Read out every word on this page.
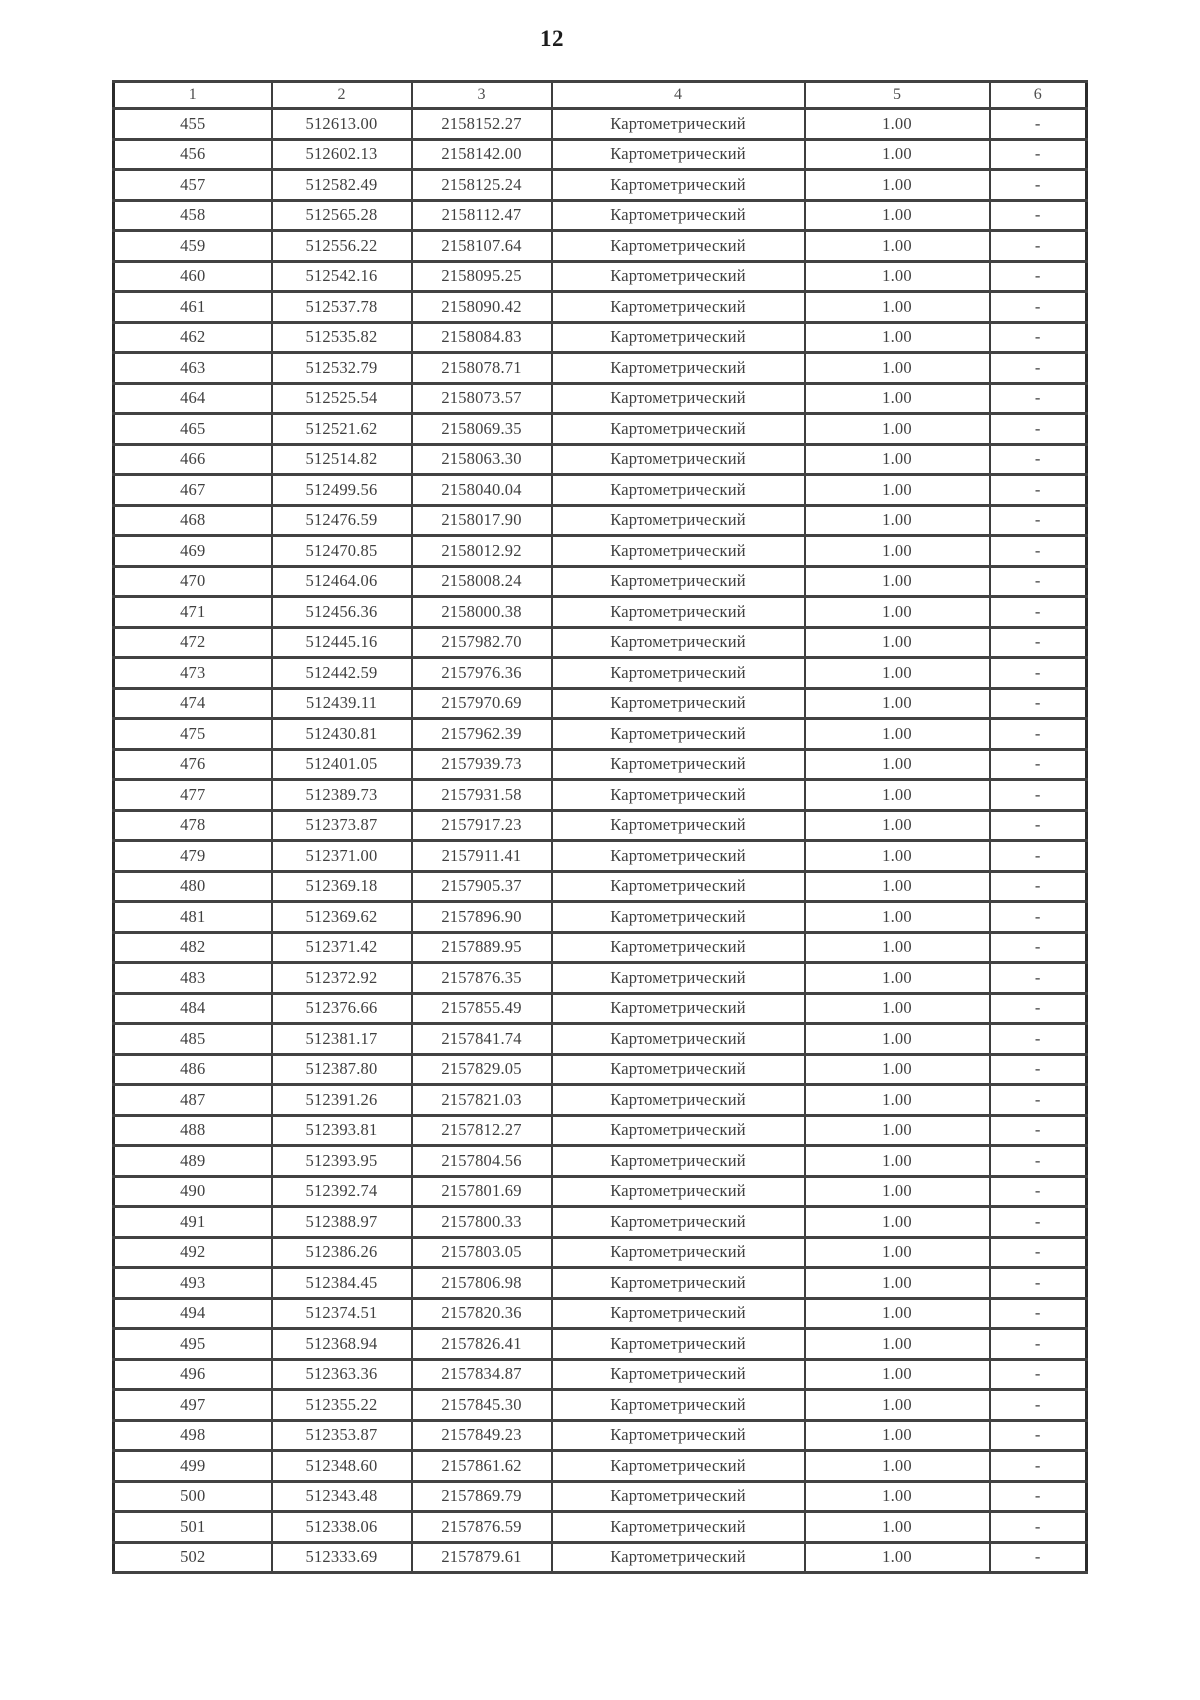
12
1	2	3	4	5	6
455	512613.00	2158152.27	Картометрический	1.00	-
456	512602.13	2158142.00	Картометрический	1.00	-
457	512582.49	2158125.24	Картометрический	1.00	-
458	512565.28	2158112.47	Картометрический	1.00	-
459	512556.22	2158107.64	Картометрический	1.00	-
460	512542.16	2158095.25	Картометрический	1.00	-
461	512537.78	2158090.42	Картометрический	1.00	-
462	512535.82	2158084.83	Картометрический	1.00	-
463	512532.79	2158078.71	Картометрический	1.00	-
464	512525.54	2158073.57	Картометрический	1.00	-
465	512521.62	2158069.35	Картометрический	1.00	-
466	512514.82	2158063.30	Картометрический	1.00	-
467	512499.56	2158040.04	Картометрический	1.00	-
468	512476.59	2158017.90	Картометрический	1.00	-
469	512470.85	2158012.92	Картометрический	1.00	-
470	512464.06	2158008.24	Картометрический	1.00	-
471	512456.36	2158000.38	Картометрический	1.00	-
472	512445.16	2157982.70	Картометрический	1.00	-
473	512442.59	2157976.36	Картометрический	1.00	-
474	512439.11	2157970.69	Картометрический	1.00	-
475	512430.81	2157962.39	Картометрический	1.00	-
476	512401.05	2157939.73	Картометрический	1.00	-
477	512389.73	2157931.58	Картометрический	1.00	-
478	512373.87	2157917.23	Картометрический	1.00	-
479	512371.00	2157911.41	Картометрический	1.00	-
480	512369.18	2157905.37	Картометрический	1.00	-
481	512369.62	2157896.90	Картометрический	1.00	-
482	512371.42	2157889.95	Картометрический	1.00	-
483	512372.92	2157876.35	Картометрический	1.00	-
484	512376.66	2157855.49	Картометрический	1.00	-
485	512381.17	2157841.74	Картометрический	1.00	-
486	512387.80	2157829.05	Картометрический	1.00	-
487	512391.26	2157821.03	Картометрический	1.00	-
488	512393.81	2157812.27	Картометрический	1.00	-
489	512393.95	2157804.56	Картометрический	1.00	-
490	512392.74	2157801.69	Картометрический	1.00	-
491	512388.97	2157800.33	Картометрический	1.00	-
492	512386.26	2157803.05	Картометрический	1.00	-
493	512384.45	2157806.98	Картометрический	1.00	-
494	512374.51	2157820.36	Картометрический	1.00	-
495	512368.94	2157826.41	Картометрический	1.00	-
496	512363.36	2157834.87	Картометрический	1.00	-
497	512355.22	2157845.30	Картометрический	1.00	-
498	512353.87	2157849.23	Картометрический	1.00	-
499	512348.60	2157861.62	Картометрический	1.00	-
500	512343.48	2157869.79	Картометрический	1.00	-
501	512338.06	2157876.59	Картометрический	1.00	-
502	512333.69	2157879.61	Картометрический	1.00	-
